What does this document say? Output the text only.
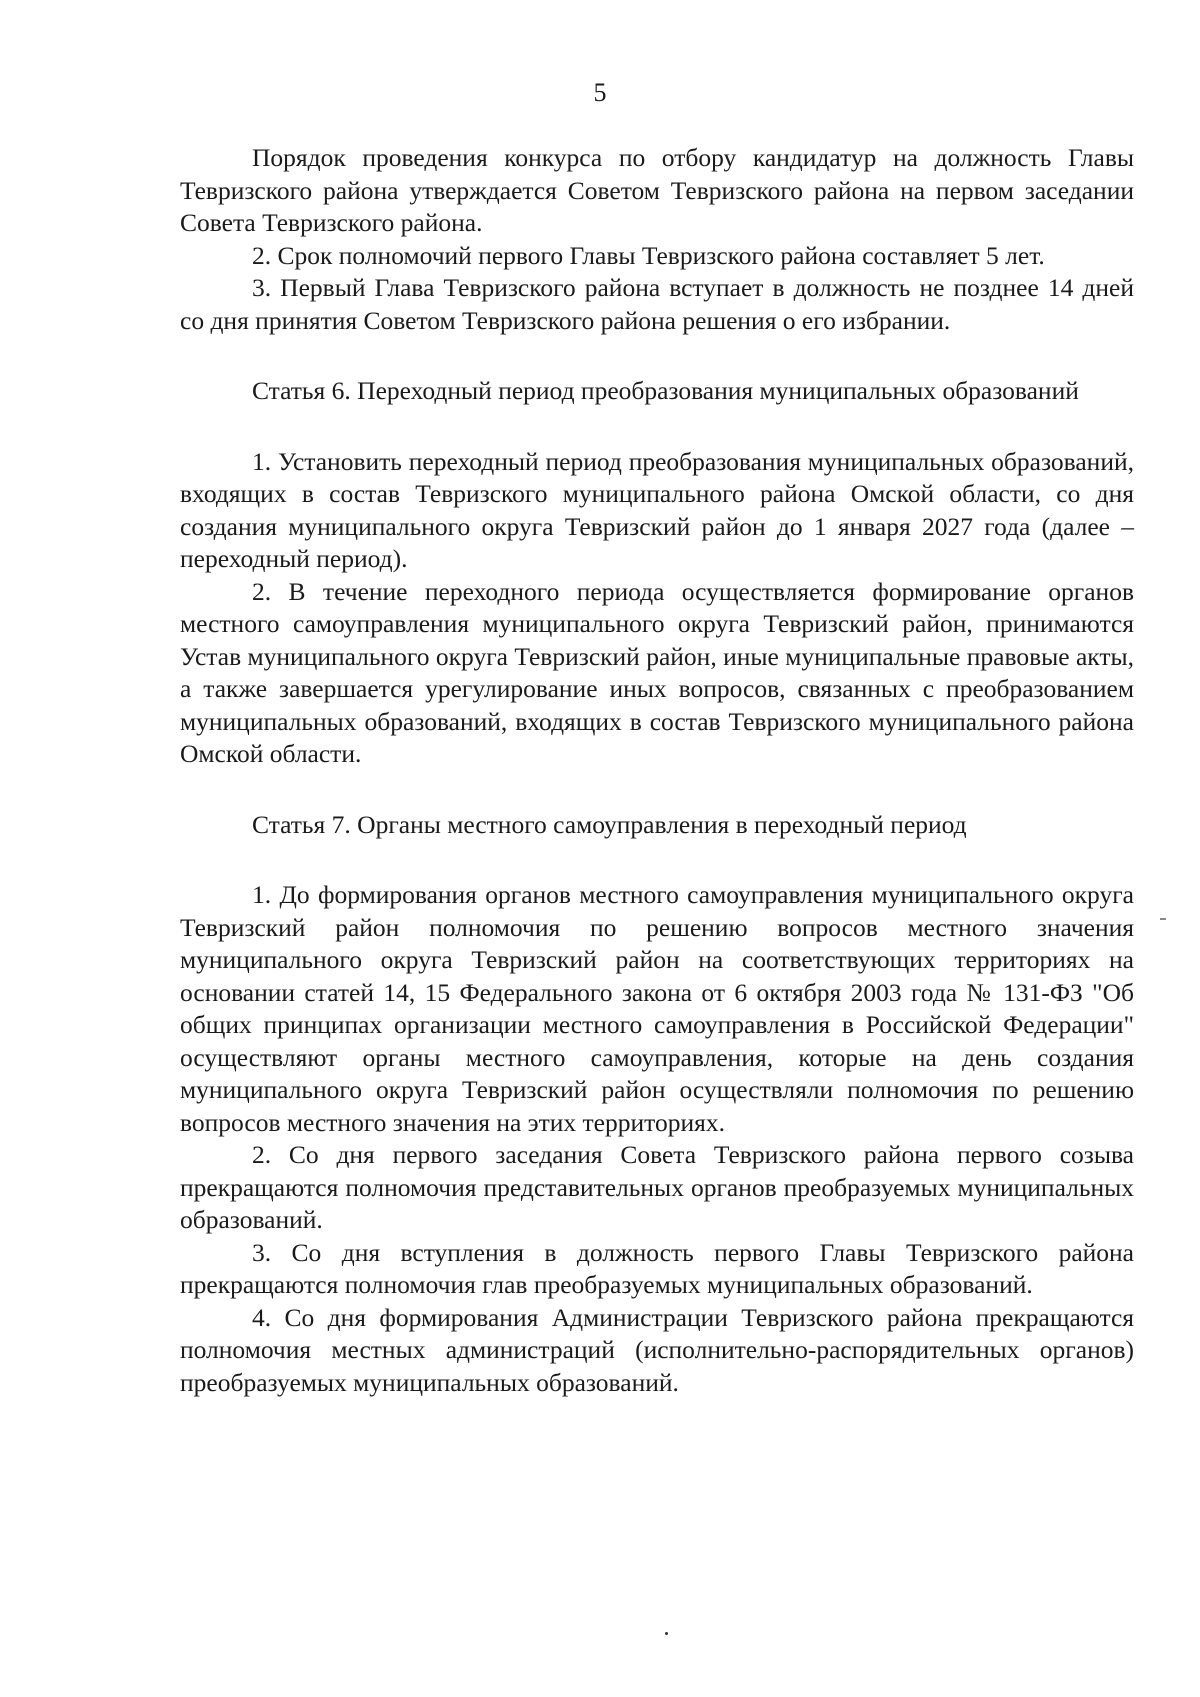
5

Порядок проведения конкурса по отбору кандидатур на должность Главы Тевризского района утверждается Советом Тевризского района на первом заседании Совета Тевризского района.

2. Срок полномочий первого Главы Тевризского района составляет 5 лет.

3. Первый Глава Тевризского района вступает в должность не позднее 14 дней со дня принятия Советом Тевризского района решения о его избрании.

Статья 6. Переходный период преобразования муниципальных образований

1. Установить переходный период преобразования муниципальных образований, входящих в состав Тевризского муниципального района Омской области, со дня создания муниципального округа Тевризский район до 1 января 2027 года (далее – переходный период).

2. В течение переходного периода осуществляется формирование органов местного самоуправления муниципального округа Тевризский район, принимаются Устав муниципального округа Тевризский район, иные муниципальные правовые акты, а также завершается урегулирование иных вопросов, связанных с преобразованием муниципальных образований, входящих в состав Тевризского муниципального района Омской области.

Статья 7. Органы местного самоуправления в переходный период

1. До формирования органов местного самоуправления муниципального округа Тевризский район полномочия по решению вопросов местного значения муниципального округа Тевризский район на соответствующих территориях на основании статей 14, 15 Федерального закона от 6 октября 2003 года № 131-ФЗ "Об общих принципах организации местного самоуправления в Российской Федерации" осуществляют органы местного самоуправления, которые на день создания муниципального округа Тевризский район осуществляли полномочия по решению вопросов местного значения на этих территориях.

2. Со дня первого заседания Совета Тевризского района первого созыва прекращаются полномочия представительных органов преобразуемых муниципальных образований.

3. Со дня вступления в должность первого Главы Тевризского района прекращаются полномочия глав преобразуемых муниципальных образований.

4. Со дня формирования Администрации Тевризского района прекращаются полномочия местных администраций (исполнительно-распорядительных органов) преобразуемых муниципальных образований.
